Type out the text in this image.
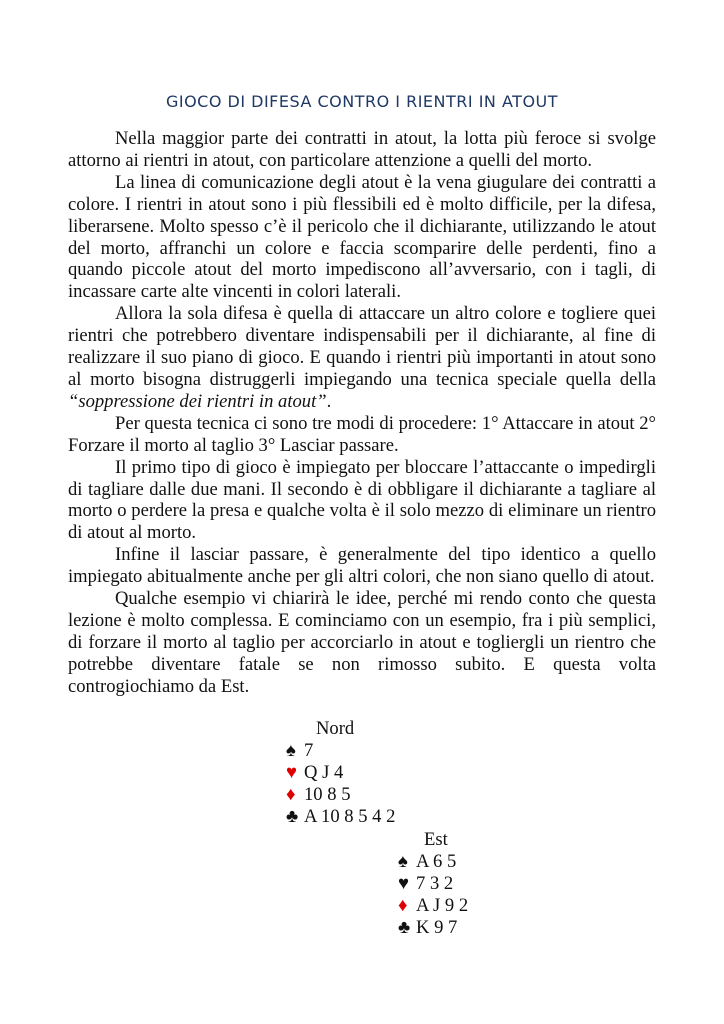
GIOCO DI DIFESA CONTRO I RIENTRI IN ATOUT

Nella maggior parte dei contratti in atout, la lotta più feroce si svolge attorno ai rientri in atout, con particolare attenzione a quelli del morto.

La linea di comunicazione degli atout è la vena giugulare dei contratti a colore. I rientri in atout sono i più flessibili ed è molto difficile, per la difesa, liberarsene. Molto spesso c’è il pericolo che il dichiarante, utilizzando le atout del morto, affranchi un colore e faccia scomparire delle perdenti, fino a quando piccole atout del morto impediscono all’avversario, con i tagli, di incassare carte alte vincenti in colori laterali.

Allora la sola difesa è quella di attaccare un altro colore e togliere quei rientri che potrebbero diventare indispensabili per il dichiarante, al fine di realizzare il suo piano di gioco. E quando i rientri più importanti in atout sono al morto bisogna distruggerli impiegando una tecnica speciale quella della “soppressione dei rientri in atout”.

Per questa tecnica ci sono tre modi di procedere: 1° Attaccare in atout 2° Forzare il morto al taglio 3° Lasciar passare.

Il primo tipo di gioco è impiegato per bloccare l’attaccante o impedirgli di tagliare dalle due mani. Il secondo è di obbligare il dichiarante a tagliare al morto o perdere la presa e qualche volta è il solo mezzo di eliminare un rientro di atout al morto.

Infine il lasciar passare, è generalmente del tipo identico a quello impiegato abitualmente anche per gli altri colori, che non siano quello di atout.

Qualche esempio vi chiarirà le idee, perché mi rendo conto che questa lezione è molto complessa. E cominciamo con un esempio, fra i più semplici, di forzare il morto al taglio per accorciarlo in atout e togliergli un rientro che potrebbe diventare fatale se non rimosso subito. E questa volta controgiochiamo da Est.

Nord
♠ 7
♥ Q J 4
♦ 10 8 5
♣ A 10 8 5 4 2
Est
♠ A 6 5
♥ 7 3 2
♦ A J 9 2
♣ K 9 7
